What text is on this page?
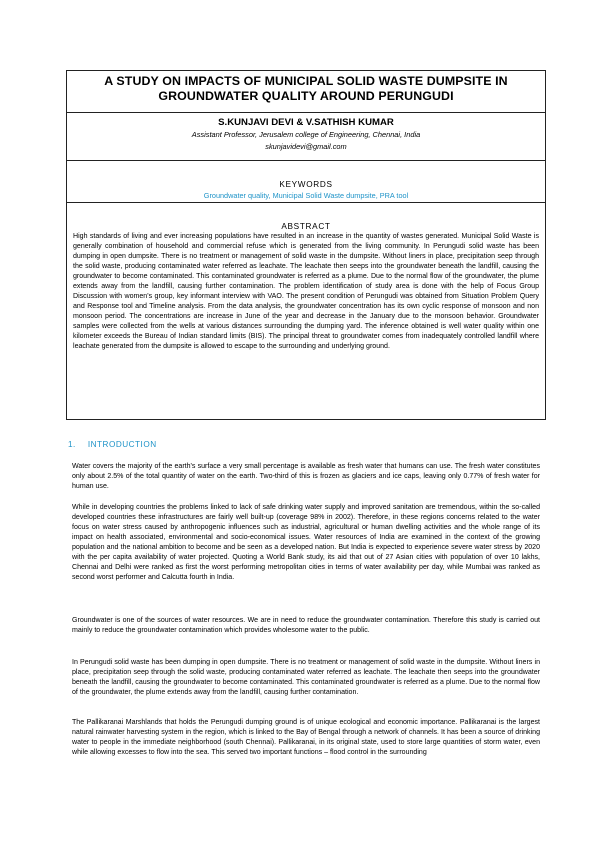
A STUDY ON IMPACTS OF MUNICIPAL SOLID WASTE DUMPSITE IN GROUNDWATER QUALITY AROUND PERUNGUDI
S.KUNJAVI DEVI & V.SATHISH KUMAR
Assistant Professor, Jerusalem college of Engineering, Chennai, India
skunjavidevi@gmail.com
KEYWORDS
Groundwater quality, Municipal Solid Waste dumpsite, PRA tool
ABSTRACT
High standards of living and ever increasing populations have resulted in an increase in the quantity of wastes generated. Municipal Solid Waste is generally combination of household and commercial refuse which is generated from the living community. In Perungudi solid waste has been dumping in open dumpsite. There is no treatment or management of solid waste in the dumpsite. Without liners in place, precipitation seep through the solid waste, producing contaminated water referred as leachate. The leachate then seeps into the groundwater beneath the landfill, causing the groundwater to become contaminated. This contaminated groundwater is referred as a plume. Due to the normal flow of the groundwater, the plume extends away from the landfill, causing further contamination. The problem identification of study area is done with the help of Focus Group Discussion with women's group, key informant interview with VAO. The present condition of Perungudi was obtained from Situation Problem Query and Response tool and Timeline analysis. From the data analysis, the groundwater concentration has its own cyclic response of monsoon and non monsoon period. The concentrations are increase in June of the year and decrease in the January due to the monsoon behavior. Groundwater samples were collected from the wells at various distances surrounding the dumping yard. The inference obtained is well water quality within one kilometer exceeds the Bureau of Indian standard limits (BIS). The principal threat to groundwater comes from inadequately controlled landfill where leachate generated from the dumpsite is allowed to escape to the surrounding and underlying ground.
1. INTRODUCTION

Water covers the majority of the earth's surface a very small percentage is available as fresh water that humans can use. The fresh water constitutes only about 2.5% of the total quantity of water on the earth. Two-third of this is frozen as glaciers and ice caps, leaving only 0.77% of fresh water for human use.

While in developing countries the problems linked to lack of safe drinking water supply and improved sanitation are tremendous, within the so-called developed countries these infrastructures are fairly well built-up (coverage 98% in 2002). Therefore, in these regions concerns related to the water focus on water stress caused by anthropogenic influences such as industrial, agricultural or human dwelling activities and the whole range of its impact on health associated, environmental and socio-economical issues. Water resources of India are examined in the context of the growing population and the national ambition to become and be seen as a developed nation. But India is expected to experience severe water stress by 2020 with the per capita availability of water projected. Quoting a World Bank study, its aid that out of 27 Asian cities with population of over 10 lakhs, Chennai and Delhi were ranked as first the worst performing metropolitan cities in terms of water availability per day, while Mumbai was ranked as second worst performer and Calcutta fourth in India.

Groundwater is one of the sources of water resources. We are in need to reduce the groundwater contamination. Therefore this study is carried out mainly to reduce the groundwater contamination which provides wholesome water to the public.

In Perungudi solid waste has been dumping in open dumpsite. There is no treatment or management of solid waste in the dumpsite. Without liners in place, precipitation seep through the solid waste, producing contaminated water referred as leachate. The leachate then seeps into the groundwater beneath the landfill, causing the groundwater to become contaminated. This contaminated groundwater is referred as a plume. Due to the normal flow of the groundwater, the plume extends away from the landfill, causing further contamination.

The Pallikaranai Marshlands that holds the Perungudi dumping ground is of unique ecological and economic importance. Pallikaranai is the largest natural rainwater harvesting system in the region, which is linked to the Bay of Bengal through a network of channels. It has been a source of drinking water to people in the immediate neighborhood (south Chennai). Pallikaranai, in its original state, used to store large quantities of storm water, even while allowing excesses to flow into the sea. This served two important functions – flood control in the surrounding
